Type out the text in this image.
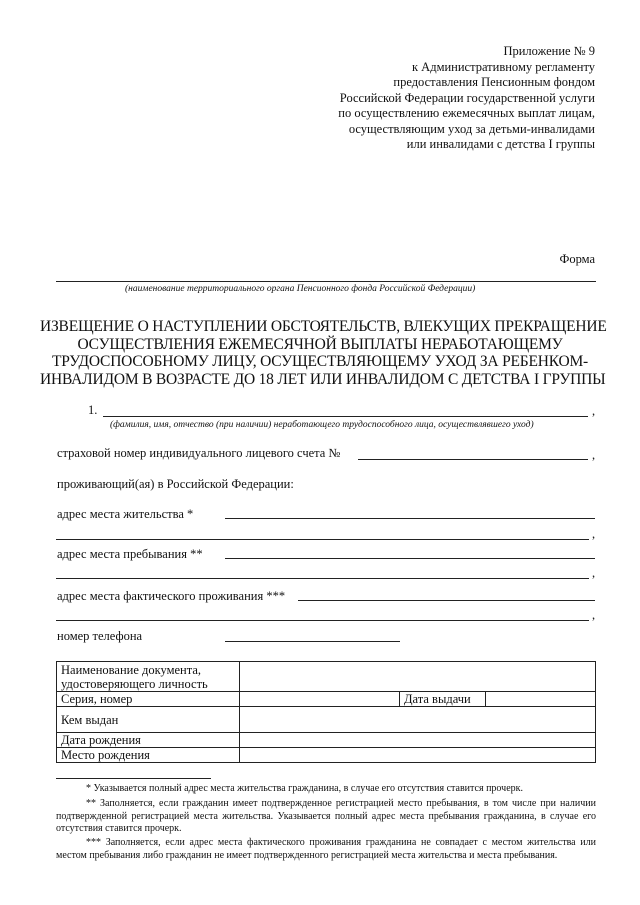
Приложение № 9
к Административному регламенту
предоставления Пенсионным фондом
Российской Федерации государственной услуги
по осуществлению ежемесячных выплат лицам,
осуществляющим уход за детьми-инвалидами
или инвалидами с детства I группы
Форма
(наименование территориального органа Пенсионного фонда Российской Федерации)
ИЗВЕЩЕНИЕ О НАСТУПЛЕНИИ ОБСТОЯТЕЛЬСТВ, ВЛЕКУЩИХ ПРЕКРАЩЕНИЕ
ОСУЩЕСТВЛЕНИЯ ЕЖЕМЕСЯЧНОЙ ВЫПЛАТЫ НЕРАБОТАЮЩЕМУ
ТРУДОСПОСОБНОМУ ЛИЦУ, ОСУЩЕСТВЛЯЮЩЕМУ УХОД ЗА РЕБЕНКОМ-
ИНВАЛИДОМ В ВОЗРАСТЕ ДО 18 ЛЕТ ИЛИ ИНВАЛИДОМ С ДЕТСТВА I ГРУППЫ
1.	,
(фамилия, имя, отчество (при наличии) неработающего трудоспособного лица, осуществлявшего уход)
страховой номер индивидуального лицевого счета №	,
проживающий(ая) в Российской Федерации:
адрес места жительства *
,
адрес места пребывания **
,
адрес места фактического проживания ***
,
номер телефона
Наименование документа,
удостоверяющего личность			
Серия, номер		Дата выдачи	
Кем выдан			
Дата рождения			
Место рождения			
* Указывается полный адрес места жительства гражданина, в случае его отсутствия ставится прочерк.
** Заполняется, если гражданин имеет подтвержденное регистрацией место пребывания, в том числе при наличии подтвержденной регистрацией места жительства. Указывается полный адрес места пребывания гражданина, в случае его отсутствия ставится прочерк.
*** Заполняется, если адрес места фактического проживания гражданина не совпадает с местом жительства или местом пребывания либо гражданин не имеет подтвержденного регистрацией места жительства и места пребывания.
